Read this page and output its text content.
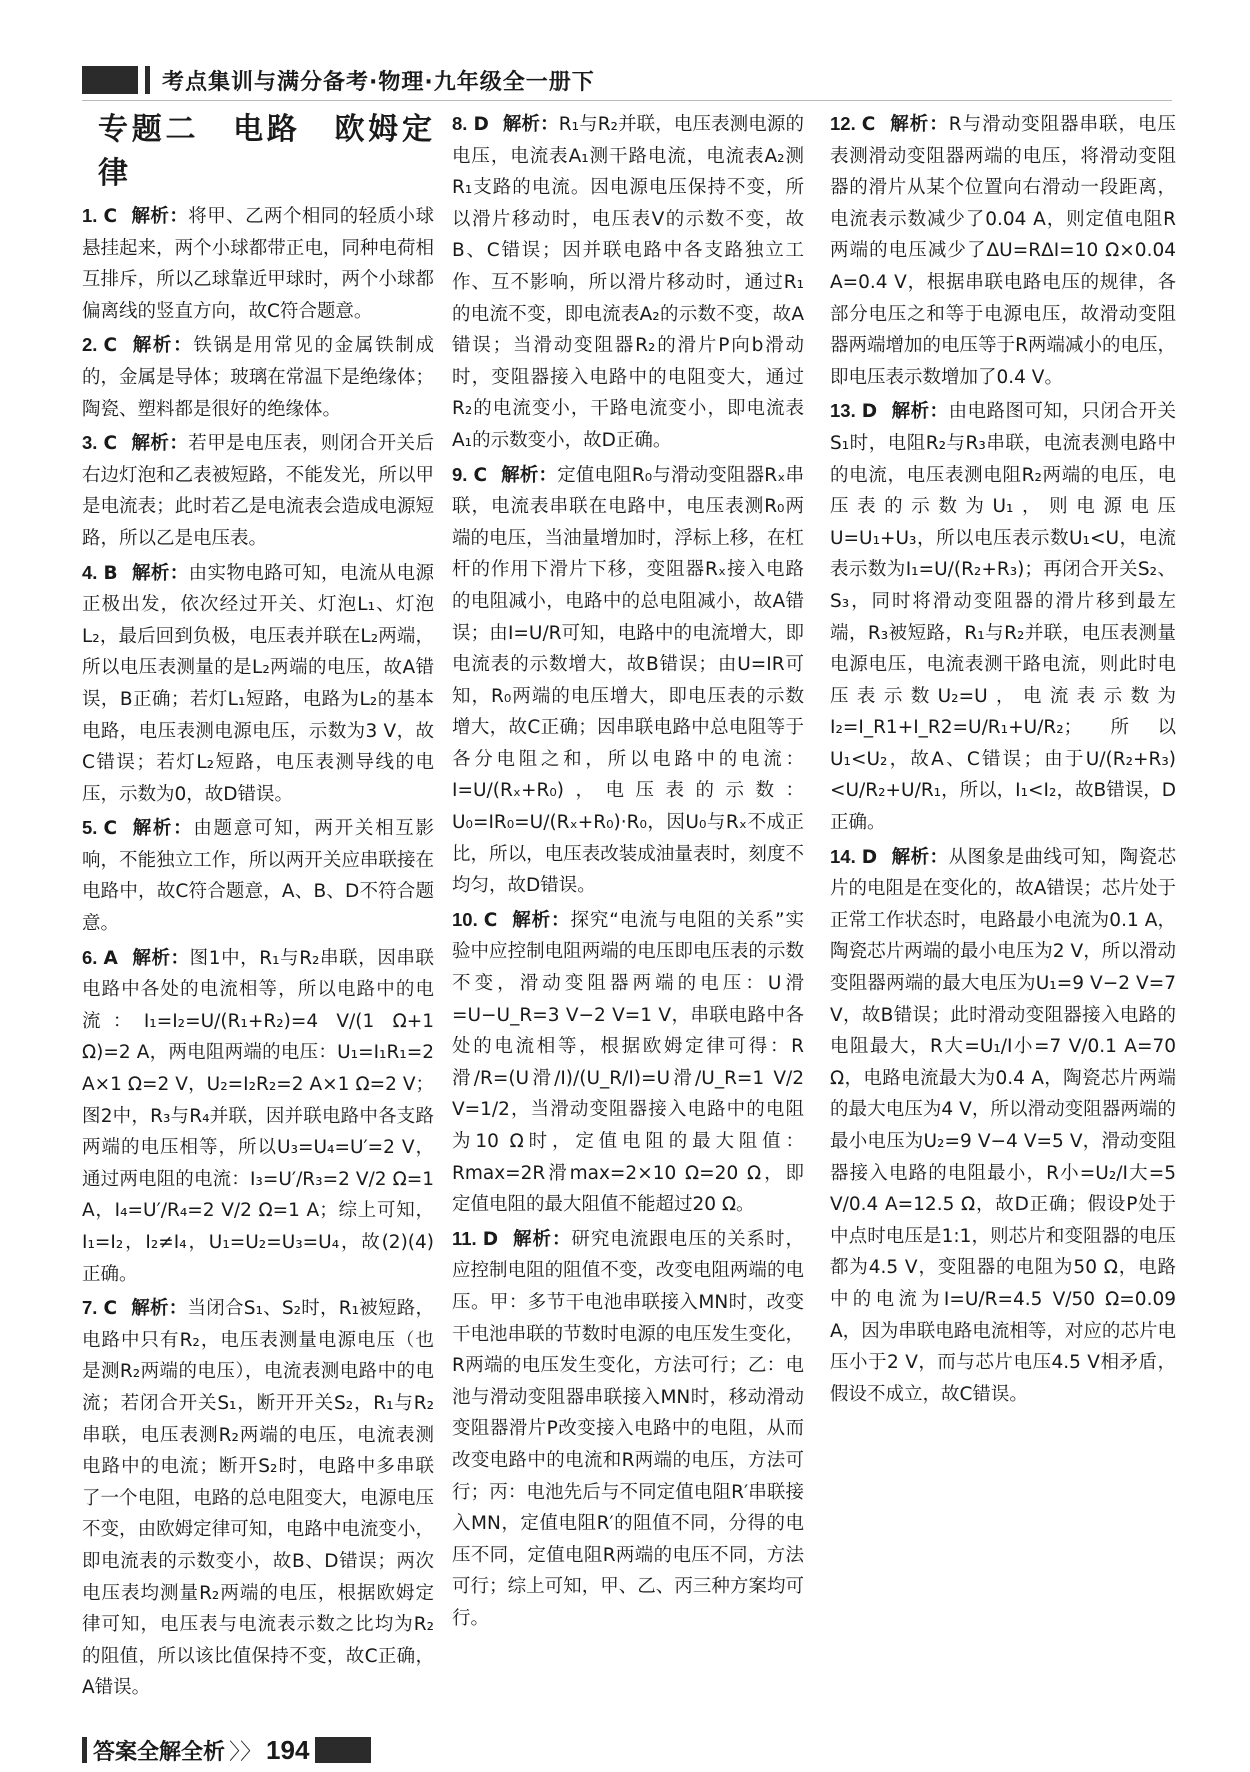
考点集训与满分备考·物理·九年级全一册下
专题二　电路　欧姆定律
1. C 解析：将甲、乙两个相同的轻质小球悬挂起来，两个小球都带正电，同种电荷相互排斥，所以乙球靠近甲球时，两个小球都偏离线的竖直方向，故C符合题意。
2. C 解析：铁锅是用常见的金属铁制成的，金属是导体；玻璃在常温下是绝缘体；陶瓷、塑料都是很好的绝缘体。
3. C 解析：若甲是电压表，则闭合开关后右边灯泡和乙表被短路，不能发光，所以甲是电流表；此时若乙是电流表会造成电源短路，所以乙是电压表。
4. B 解析：由实物电路可知，电流从电源正极出发，依次经过开关、灯泡L₁、灯泡L₂，最后回到负极，电压表并联在L₂两端，所以电压表测量的是L₂两端的电压，故A错误，B正确；若灯L₁短路，电路为L₂的基本电路，电压表测电源电压，示数为3 V，故C错误；若灯L₂短路，电压表测导线的电压，示数为0，故D错误。
5. C 解析：由题意可知，两开关相互影响，不能独立工作，所以两开关应串联接在电路中，故C符合题意，A、B、D不符合题意。
6. A 解析：图1中，R₁与R₂串联，因串联电路中各处的电流相等，所以电路中的电流：I₁=I₂=U/(R₁+R₂)=4 V/(1 Ω+1 Ω)=2 A，两电阻两端的电压：U₁=I₁R₁=2 A×1 Ω=2 V，U₂=I₂R₂=2 A×1 Ω=2 V；图2中，R₃与R₄并联，因并联电路中各支路两端的电压相等，所以U₃=U₄=U′=2 V，通过两电阻的电流：I₃=U′/R₃=2 V/2 Ω=1 A，I₄=U′/R₄=2 V/2 Ω=1 A；综上可知，I₁=I₂，I₂≠I₄，U₁=U₂=U₃=U₄，故(2)(4)正确。
7. C 解析：当闭合S₁、S₂时，R₁被短路，电路中只有R₂，电压表测量电源电压（也是测R₂两端的电压），电流表测电路中的电流；若闭合开关S₁，断开开关S₂，R₁与R₂串联，电压表测R₂两端的电压，电流表测电路中的电流；断开S₂时，电路中多串联了一个电阻，电路的总电阻变大，电源电压不变，由欧姆定律可知，电路中电流变小，即电流表的示数变小，故B、D错误；两次电压表均测量R₂两端的电压，根据欧姆定律可知，电压表与电流表示数之比均为R₂的阻值，所以该比值保持不变，故C正确，A错误。
8. D 解析：R₁与R₂并联，电压表测电源的电压，电流表A₁测干路电流，电流表A₂测R₁支路的电流。因电源电压保持不变，所以滑片移动时，电压表V的示数不变，故B、C错误；因并联电路中各支路独立工作、互不影响，所以滑片移动时，通过R₁的电流不变，即电流表A₂的示数不变，故A错误；当滑动变阻器R₂的滑片P向b滑动时，变阻器接入电路中的电阻变大，通过R₂的电流变小，干路电流变小，即电流表A₁的示数变小，故D正确。
9. C 解析：定值电阻R₀与滑动变阻器Rₓ串联，电流表串联在电路中，电压表测R₀两端的电压，当油量增加时，浮标上移，在杠杆的作用下滑片下移，变阻器Rₓ接入电路的电阻减小，电路中的总电阻减小，故A错误；由I=U/R可知，电路中的电流增大，即电流表的示数增大，故B错误；由U=IR可知，R₀两端的电压增大，即电压表的示数增大，故C正确；因串联电路中总电阻等于各分电阻之和，所以电路中的电流：I=U/(Rₓ+R₀)，电压表的示数：U₀=IR₀=U/(Rₓ+R₀)·R₀，因U₀与Rₓ不成正比，所以，电压表改装成油量表时，刻度不均匀，故D错误。
10. C 解析：探究“电流与电阻的关系”实验中应控制电阻两端的电压即电压表的示数不变，滑动变阻器两端的电压：U滑=U−U_R=3 V−2 V=1 V，串联电路中各处的电流相等，根据欧姆定律可得：R滑/R=(U滑/I)/(U_R/I)=U滑/U_R=1 V/2 V=1/2，当滑动变阻器接入电路中的电阻为10 Ω时，定值电阻的最大阻值：Rmax=2R滑max=2×10 Ω=20 Ω，即定值电阻的最大阻值不能超过20 Ω。
11. D 解析：研究电流跟电压的关系时，应控制电阻的阻值不变，改变电阻两端的电压。甲：多节干电池串联接入MN时，改变干电池串联的节数时电源的电压发生变化，R两端的电压发生变化，方法可行；乙：电池与滑动变阻器串联接入MN时，移动滑动变阻器滑片P改变接入电路中的电阻，从而改变电路中的电流和R两端的电压，方法可行；丙：电池先后与不同定值电阻R′串联接入MN，定值电阻R′的阻值不同，分得的电压不同，定值电阻R两端的电压不同，方法可行；综上可知，甲、乙、丙三种方案均可行。
12. C 解析：R与滑动变阻器串联，电压表测滑动变阻器两端的电压，将滑动变阻器的滑片从某个位置向右滑动一段距离，电流表示数减少了0.04 A，则定值电阻R两端的电压减少了ΔU=RΔI=10 Ω×0.04 A=0.4 V，根据串联电路电压的规律，各部分电压之和等于电源电压，故滑动变阻器两端增加的电压等于R两端减小的电压，即电压表示数增加了0.4 V。
13. D 解析：由电路图可知，只闭合开关S₁时，电阻R₂与R₃串联，电流表测电路中的电流，电压表测电阻R₂两端的电压，电压表的示数为U₁，则电源电压U=U₁+U₃，所以电压表示数U₁<U，电流表示数为I₁=U/(R₂+R₃)；再闭合开关S₂、S₃，同时将滑动变阻器的滑片移到最左端，R₃被短路，R₁与R₂并联，电压表测量电源电压，电流表测干路电流，则此时电压表示数U₂=U，电流表示数为I₂=I_R1+I_R2=U/R₁+U/R₂；所以U₁<U₂，故A、C错误；由于U/(R₂+R₃)<U/R₂+U/R₁，所以，I₁<I₂，故B错误，D正确。
14. D 解析：从图象是曲线可知，陶瓷芯片的电阻是在变化的，故A错误；芯片处于正常工作状态时，电路最小电流为0.1 A，陶瓷芯片两端的最小电压为2 V，所以滑动变阻器两端的最大电压为U₁=9 V−2 V=7 V，故B错误；此时滑动变阻器接入电路的电阻最大，R大=U₁/I小=7 V/0.1 A=70 Ω，电路电流最大为0.4 A，陶瓷芯片两端的最大电压为4 V，所以滑动变阻器两端的最小电压为U₂=9 V−4 V=5 V，滑动变阻器接入电路的电阻最小，R小=U₂/I大=5 V/0.4 A=12.5 Ω，故D正确；假设P处于中点时电压是1:1，则芯片和变阻器的电压都为4.5 V，变阻器的电阻为50 Ω，电路中的电流为I=U/R=4.5 V/50 Ω=0.09 A，因为串联电路电流相等，对应的芯片电压小于2 V，而与芯片电压4.5 V相矛盾，假设不成立，故C错误。
答案全解全析 〉〉 194
